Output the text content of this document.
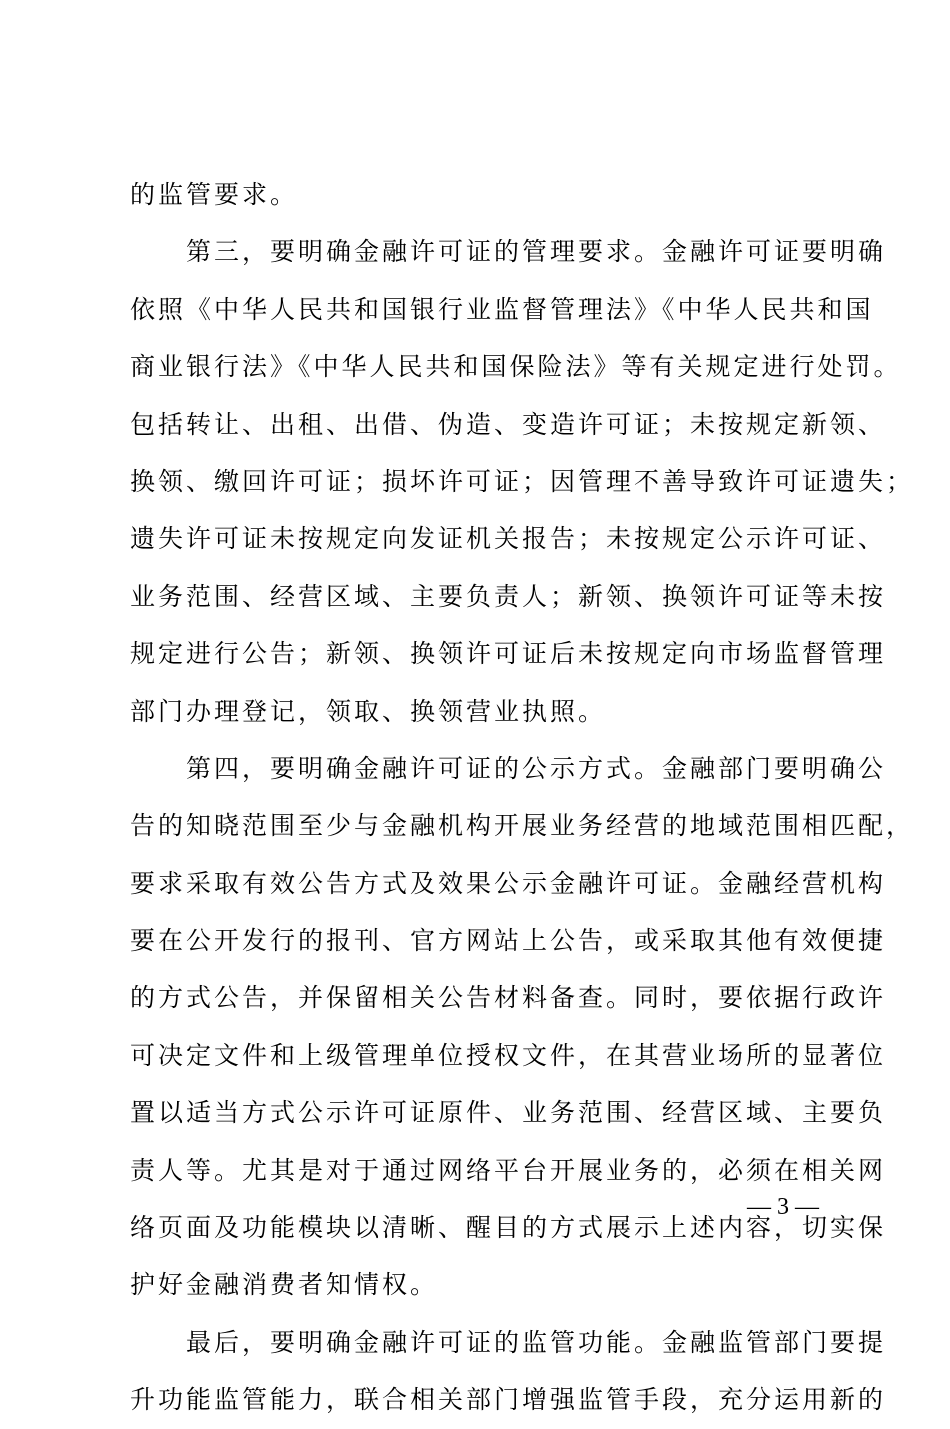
的监管要求。
　　第三，要明确金融许可证的管理要求。金融许可证要明确
依照《中华人民共和国银行业监督管理法》《中华人民共和国
商业银行法》《中华人民共和国保险法》等有关规定进行处罚。
包括转让、出租、出借、伪造、变造许可证；未按规定新领、
换领、缴回许可证；损坏许可证；因管理不善导致许可证遗失；
遗失许可证未按规定向发证机关报告；未按规定公示许可证、
业务范围、经营区域、主要负责人；新领、换领许可证等未按
规定进行公告；新领、换领许可证后未按规定向市场监督管理
部门办理登记，领取、换领营业执照。
　　第四，要明确金融许可证的公示方式。金融部门要明确公
告的知晓范围至少与金融机构开展业务经营的地域范围相匹配，
要求采取有效公告方式及效果公示金融许可证。金融经营机构
要在公开发行的报刊、官方网站上公告，或采取其他有效便捷
的方式公告，并保留相关公告材料备查。同时，要依据行政许
可决定文件和上级管理单位授权文件，在其营业场所的显著位
置以适当方式公示许可证原件、业务范围、经营区域、主要负
责人等。尤其是对于通过网络平台开展业务的，必须在相关网
络页面及功能模块以清晰、醒目的方式展示上述内容，切实保
护好金融消费者知情权。
　　最后，要明确金融许可证的监管功能。金融监管部门要提
升功能监管能力，联合相关部门增强监管手段，充分运用新的
— 3 —
